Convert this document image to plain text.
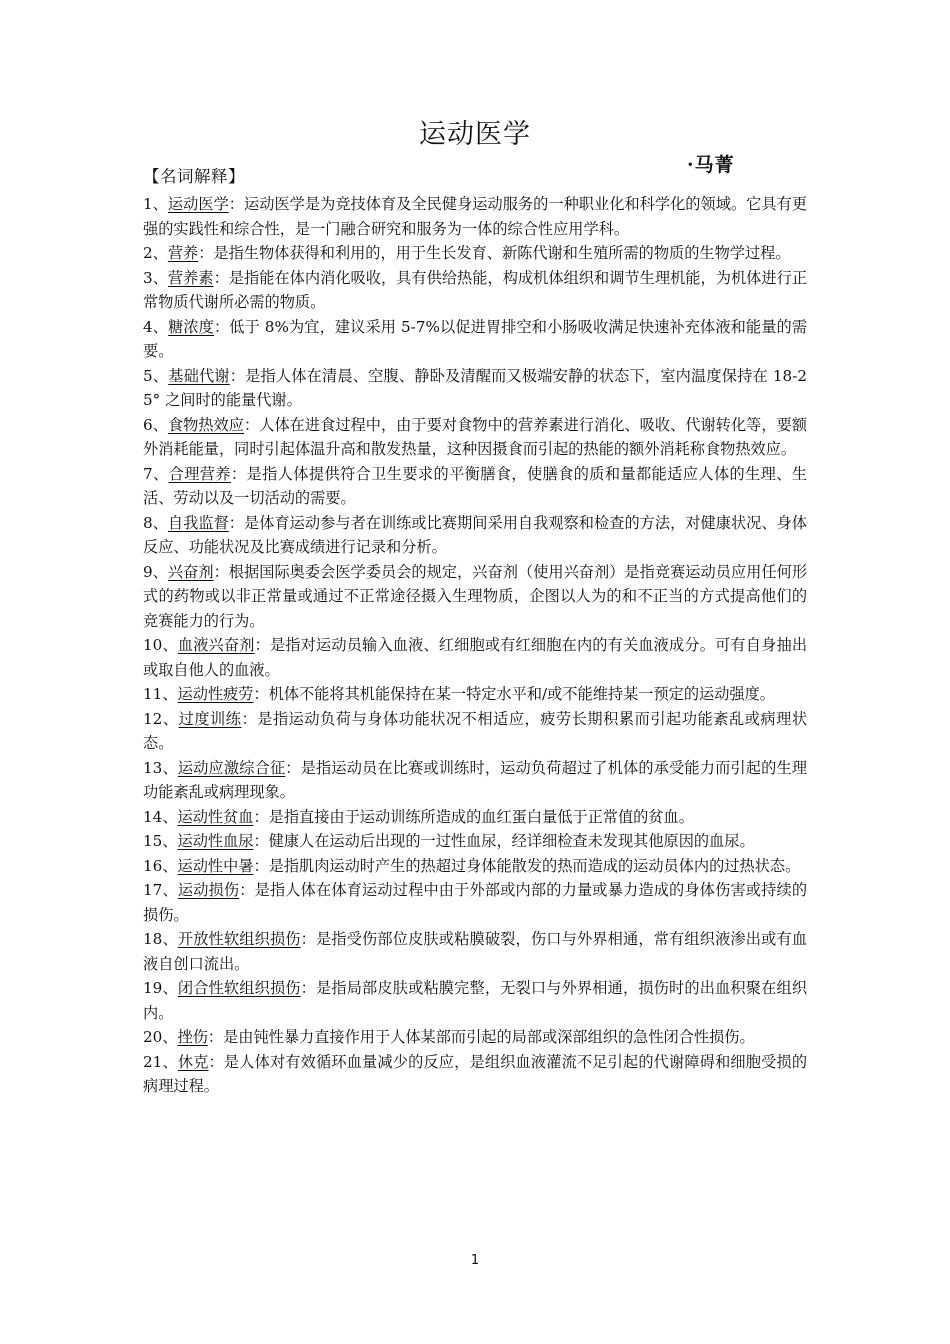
运动医学
·马菁
【名词解释】

1、运动医学：运动医学是为竞技体育及全民健身运动服务的一种职业化和科学化的领域。它具有更强的实践性和综合性，是一门融合研究和服务为一体的综合性应用学科。

2、营养：是指生物体获得和利用的，用于生长发育、新陈代谢和生殖所需的物质的生物学过程。

3、营养素：是指能在体内消化吸收，具有供给热能，构成机体组织和调节生理机能，为机体进行正常物质代谢所必需的物质。

4、糖浓度：低于 8%为宜，建议采用 5-7%以促进胃排空和小肠吸收满足快速补充体液和能量的需要。

5、基础代谢：是指人体在清晨、空腹、静卧及清醒而又极端安静的状态下，室内温度保持在 18-25° 之间时的能量代谢。

6、食物热效应：人体在进食过程中，由于要对食物中的营养素进行消化、吸收、代谢转化等，要额外消耗能量，同时引起体温升高和散发热量，这种因摄食而引起的热能的额外消耗称食物热效应。

7、合理营养：是指人体提供符合卫生要求的平衡膳食，使膳食的质和量都能适应人体的生理、生活、劳动以及一切活动的需要。

8、自我监督：是体育运动参与者在训练或比赛期间采用自我观察和检查的方法，对健康状况、身体反应、功能状况及比赛成绩进行记录和分析。

9、兴奋剂：根据国际奥委会医学委员会的规定，兴奋剂（使用兴奋剂）是指竞赛运动员应用任何形式的药物或以非正常量或通过不正常途径摄入生理物质，企图以人为的和不正当的方式提高他们的竞赛能力的行为。

10、血液兴奋剂：是指对运动员输入血液、红细胞或有红细胞在内的有关血液成分。可有自身抽出或取自他人的血液。

11、运动性疲劳：机体不能将其机能保持在某一特定水平和/或不能维持某一预定的运动强度。

12、过度训练：是指运动负荷与身体功能状况不相适应，疲劳长期积累而引起功能紊乱或病理状态。

13、运动应激综合征：是指运动员在比赛或训练时，运动负荷超过了机体的承受能力而引起的生理功能紊乱或病理现象。

14、运动性贫血：是指直接由于运动训练所造成的血红蛋白量低于正常值的贫血。

15、运动性血尿：健康人在运动后出现的一过性血尿，经详细检查未发现其他原因的血尿。

16、运动性中暑：是指肌肉运动时产生的热超过身体能散发的热而造成的运动员体内的过热状态。

17、运动损伤：是指人体在体育运动过程中由于外部或内部的力量或暴力造成的身体伤害或持续的损伤。

18、开放性软组织损伤：是指受伤部位皮肤或粘膜破裂，伤口与外界相通，常有组织液渗出或有血液自创口流出。

19、闭合性软组织损伤：是指局部皮肤或粘膜完整，无裂口与外界相通，损伤时的出血积聚在组织内。

20、挫伤：是由钝性暴力直接作用于人体某部而引起的局部或深部组织的急性闭合性损伤。

21、休克：是人体对有效循环血量减少的反应，是组织血液灌流不足引起的代谢障碍和细胞受损的病理过程。

1
